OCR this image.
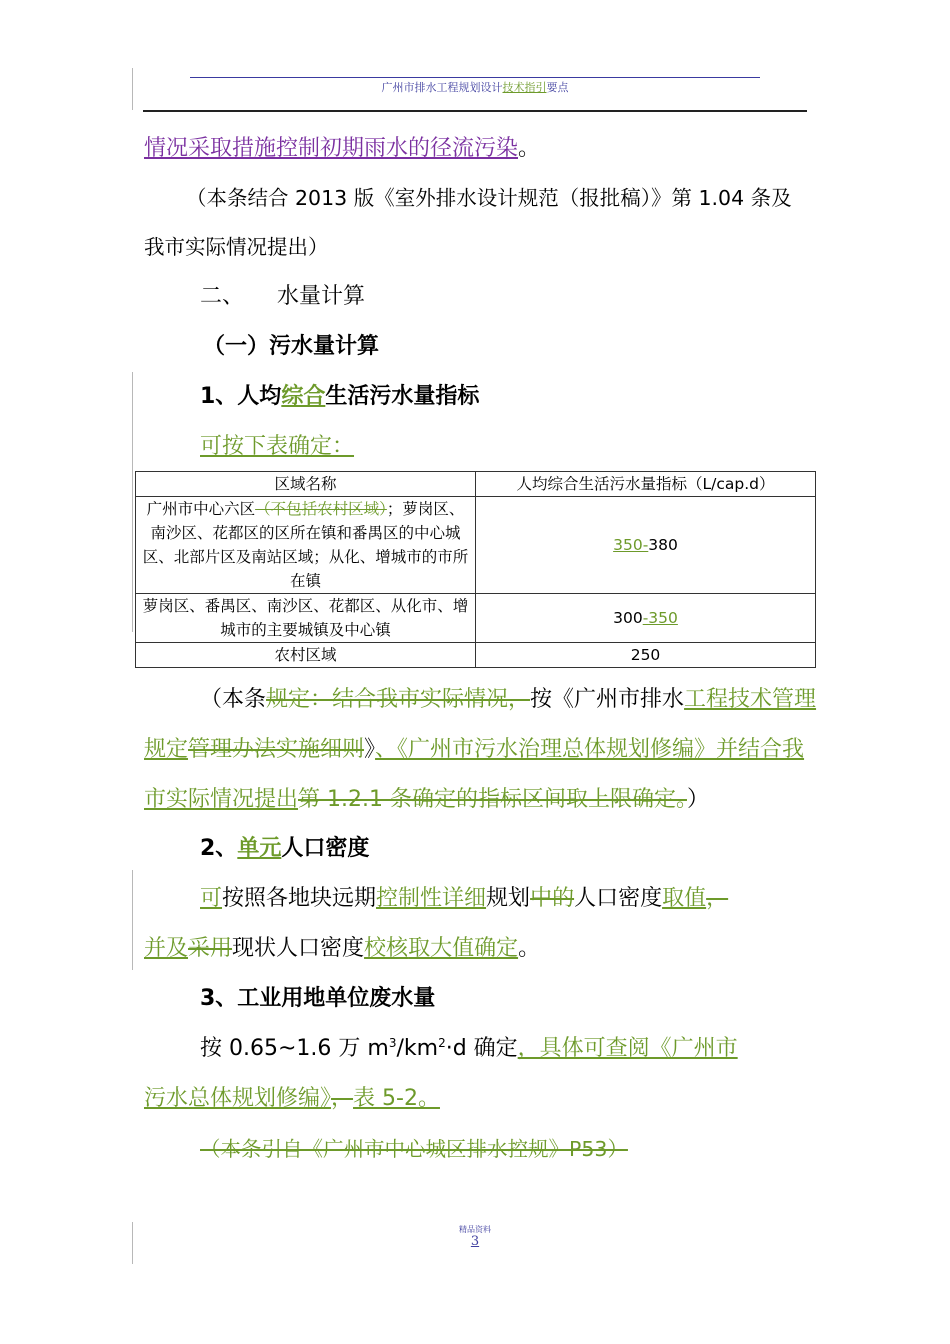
广州市排水工程规划设计技术指引要点
情况采取措施控制初期雨水的径流污染。
（本条结合 2013 版《室外排水设计规范（报批稿）》第 1.04 条及
我市实际情况提出）
二、　　水量计算
（一）污水量计算
1、人均综合生活污水量指标
可按下表确定：
区域名称	人均综合生活污水量指标（L/cap.d）
广州市中心六区（不包括农村区域）；萝岗区、南沙区、花都区的区所在镇和番禺区的中心城区、北部片区及南站区域；从化、增城市的市所在镇	350-380
萝岗区、番禺区、南沙区、花都区、从化市、增城市的主要城镇及中心镇	300-350
农村区域	250
（本条规定：结合我市实际情况，按《广州市排水工程技术管理
规定管理办法实施细则》、《广州市污水治理总体规划修编》并结合我
市实际情况提出第 1.2.1 条确定的指标区间取上限确定。）
2、单元人口密度
可按照各地块远期控制性详细规划中的人口密度取值，
并及采用现状人口密度校核取大值确定。
3、工业用地单位废水量
按 0.65~1.6 万 $m^3/km^2\cdot d$ 确定，具体可查阅《广州市
污水总体规划修编》，表 5-2。
（本条引自《广州市中心城区排水控规》P53）
精品资料
3
